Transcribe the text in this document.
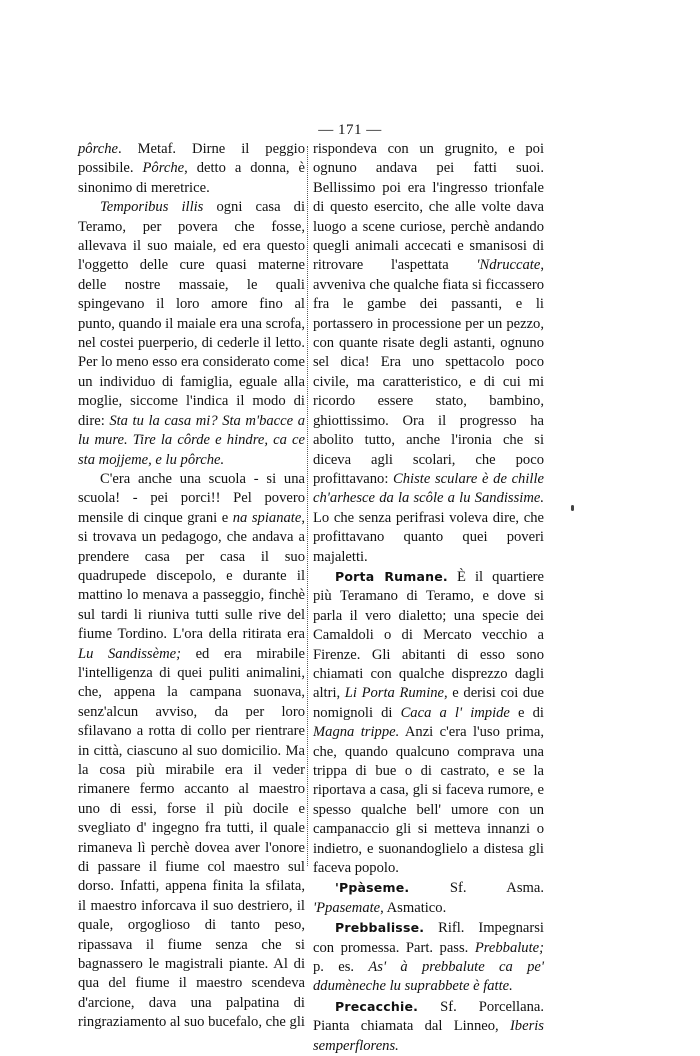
— 171 —

pôrche. Metaf. Dirne il peggio possibile. Pôrche, detto a donna, è sinonimo di meretrice.

Temporibus illis ogni casa di Teramo, per povera che fosse, allevava il suo maiale, ed era questo l'oggetto delle cure quasi materne delle nostre massaie, le quali spingevano il loro amore fino al punto, quando il maiale era una scrofa, nel costei puerperio, di cederle il letto. Per lo meno esso era considerato come un individuo di famiglia, eguale alla moglie, siccome l'indica il modo di dire: Sta tu la casa mi? Sta m'bacce a lu mure. Tire la côrde e hindre, ca ce sta mojjeme, e lu pôrche.

C'era anche una scuola - si una scuola! - pei porci!! Pel povero mensile di cinque grani e na spianate, si trovava un pedagogo, che andava a prendere casa per casa il suo quadrupede discepolo, e durante il mattino lo menava a passeggio, finchè sul tardi li riuniva tutti sulle rive del fiume Tordino. L'ora della ritirata era Lu Sandissème; ed era mirabile l'intelligenza di quei puliti animalini, che, appena la campana suonava, senz'alcun avviso, da per loro sfilavano a rotta di collo per rientrare in città, ciascuno al suo domicilio. Ma la cosa più mirabile era il veder rimanere fermo accanto al maestro uno di essi, forse il più docile e svegliato d' ingegno fra tutti, il quale rimaneva lì perchè dovea aver l'onore di passare il fiume col maestro sul dorso. Infatti, appena finita la sfilata, il maestro inforcava il suo destriero, il quale, orgoglioso di tanto peso, ripassava il fiume senza che si bagnassero le magistrali piante. Al di qua del fiume il maestro scendeva d'arcione, dava una palpatina di ringraziamento al suo bucefalo, che gli

rispondeva con un grugnito, e poi ognuno andava pei fatti suoi. Bellissimo poi era l'ingresso trionfale di questo esercito, che alle volte dava luogo a scene curiose, perchè andando quegli animali accecati e smanisosi di ritrovare l'aspettata 'Ndruccate, avveniva che qualche fiata si ficcassero fra le gambe dei passanti, e li portassero in processione per un pezzo, con quante risate degli astanti, ognuno sel dica! Era uno spettacolo poco civile, ma caratteristico, e di cui mi ricordo essere stato, bambino, ghiottissimo. Ora il progresso ha abolito tutto, anche l'ironia che si diceva agli scolari, che poco profittavano: Chiste sculare è de chille ch'arhesce da la scôle a lu Sandissime. Lo che senza perifrasi voleva dire, che profittavano quanto quei poveri majaletti.

Porta Rumane. È il quartiere più Teramano di Teramo, e dove si parla il vero dialetto; una specie dei Camaldoli o di Mercato vecchio a Firenze. Gli abitanti di esso sono chiamati con qualche disprezzo dagli altri, Li Porta Rumine, e derisi coi due nomignoli di Caca a l' impide e di Magna trippe. Anzi c'era l'uso prima, che, quando qualcuno comprava una trippa di bue o di castrato, e se la riportava a casa, gli si faceva rumore, e spesso qualche bell' umore con un campanaccio gli si metteva innanzi o indietro, e suonandoglielo a distesa gli faceva popolo.

'Ppàseme. Sf. Asma. 'Ppasemate, Asmatico.

Prebbalisse. Rifl. Impegnarsi con promessa. Part. pass. Prebbalute; p. es. As' à prebbalute ca pe' ddumèneche lu suprabbete è fatte.

Precacchie. Sf. Porcellana. Pianta chiamata dal Linneo, Iberis semperflorens.
